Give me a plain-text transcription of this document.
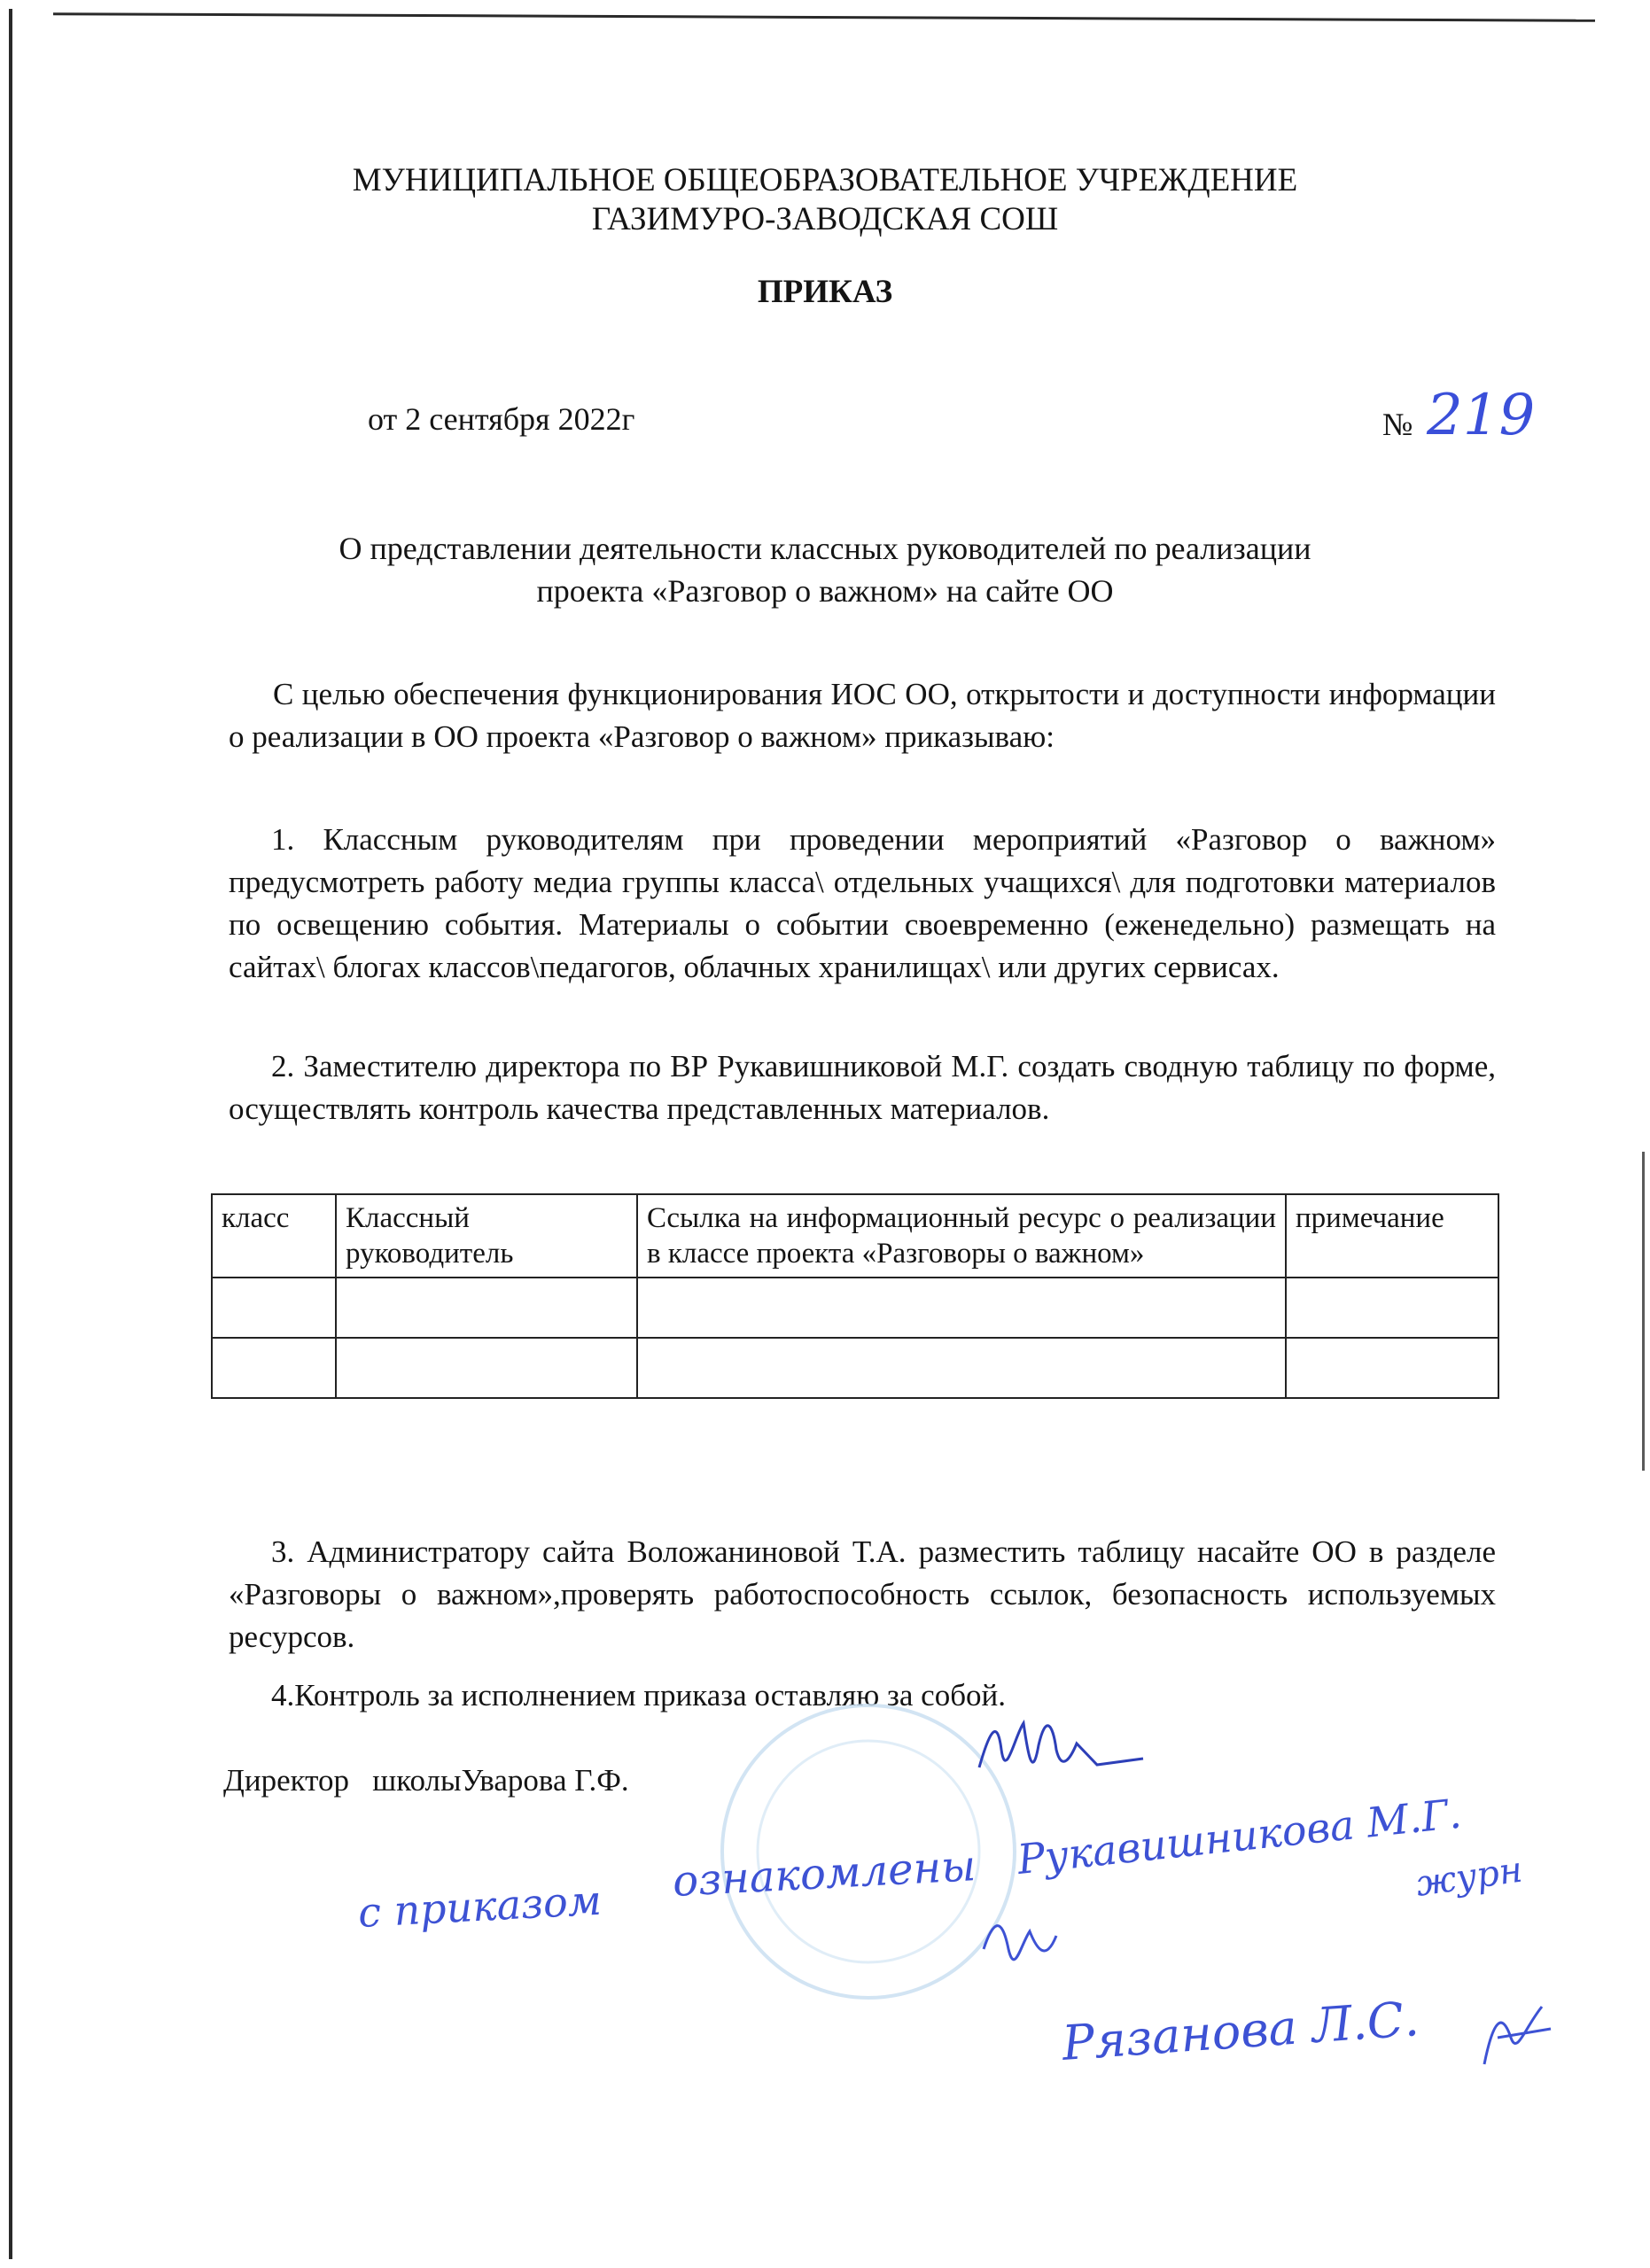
МУНИЦИПАЛЬНОЕ ОБЩЕОБРАЗОВАТЕЛЬНОЕ УЧРЕЖДЕНИЕ
ГАЗИМУРО-ЗАВОДСКАЯ СОШ
ПРИКАЗ
от 2 сентября 2022г	№ 219
О представлении деятельности классных руководителей по реализации
проекта «Разговор о важном» на сайте ОО
С целью обеспечения функционирования ИОС ОО, открытости и доступности информации о реализации в ОО проекта «Разговор о важном» приказываю:
1. Классным руководителям при проведении мероприятий «Разговор о важном» предусмотреть работу медиа группы класса\ отдельных учащихся\ для подготовки материалов по освещению события. Материалы о событии своевременно (еженедельно) размещать на сайтах\ блогах классов\педагогов, облачных хранилищах\ или других сервисах.
2. Заместителю директора по ВР Рукавишниковой М.Г. создать сводную таблицу по форме, осуществлять контроль качества представленных материалов.
класс	Классный руководитель	Ссылка на информационный ресурс о реализации в классе проекта «Разговоры о важном»	примечание

3. Администратору сайта Воложаниновой Т.А. разместить таблицу насайте ОО в разделе «Разговоры о важном»,проверять работоспособность ссылок, безопасность используемых ресурсов.
4.Контроль за исполнением приказа оставляю за собой.
Директор   школыУварова Г.Ф.
с приказом ознакомлены Рукавишникова М.Г.
журн
Рязанова Л.С.
